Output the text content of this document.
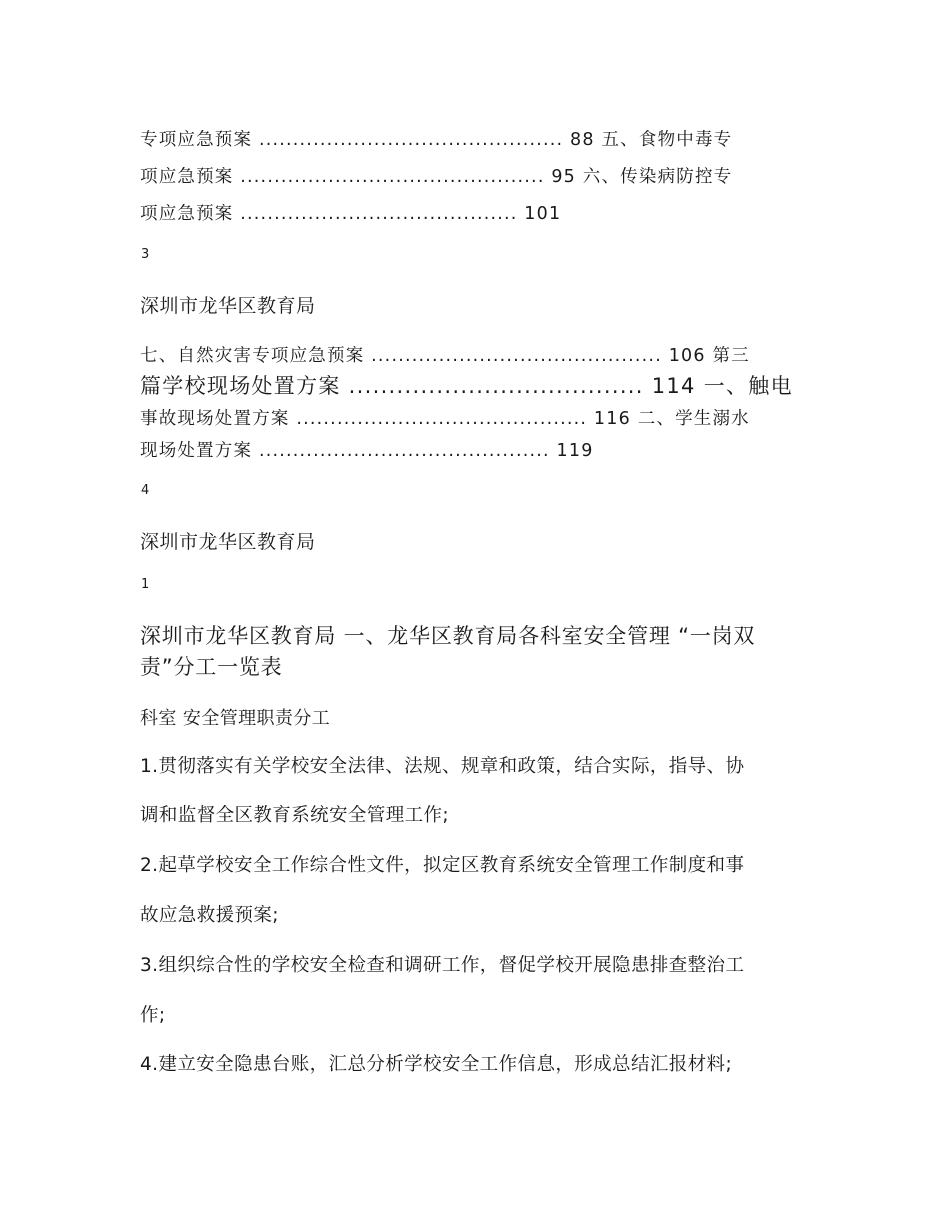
专项应急预案 ............................................. 88 五、食物中毒专
项应急预案 ............................................. 95 六、传染病防控专
项应急预案 ......................................... 101
3
深圳市龙华区教育局
七、自然灾害专项应急预案 ........................................... 106 第三
篇学校现场处置方案 ..................................... 114 一、触电
事故现场处置方案 ........................................... 116 二、学生溺水
现场处置方案 ........................................... 119
4
深圳市龙华区教育局
1
深圳市龙华区教育局 一、龙华区教育局各科室安全管理 “一岗双
责”分工一览表
科室 安全管理职责分工
1.贯彻落实有关学校安全法律、法规、规章和政策，结合实际，指导、协
调和监督全区教育系统安全管理工作;
2.起草学校安全工作综合性文件，拟定区教育系统安全管理工作制度和事
故应急救援预案;
3.组织综合性的学校安全检查和调研工作，督促学校开展隐患排查整治工
作;
4.建立安全隐患台账，汇总分析学校安全工作信息，形成总结汇报材料;
